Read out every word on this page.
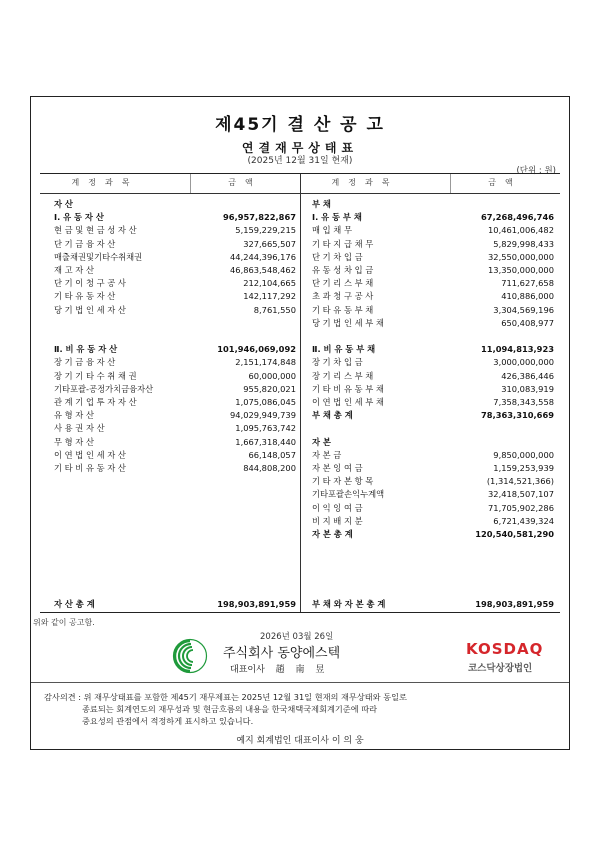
제45기 결 산 공 고
연결재무상태표
(2025년 12월 31일 현재)
(단위 : 원)
계정과목	금액	계정과목	금액
자 산
Ⅰ. 유 동 자 산	96,957,822,867
현 금 및 현 금 성 자 산	5,159,229,215
단 기 금 융 자 산	327,665,507
매출채권및기타수취채권	44,244,396,176
재 고 자 산	46,863,548,462
단 기 이 청 구 공 사	212,104,665
기 타 유 동 자 산	142,117,292
당 기 법 인 세 자 산	8,761,550
Ⅱ. 비 유 동 자 산	101,946,069,092
장 기 금 융 자 산	2,151,174,848
장 기 기 타 수 취 채 권	60,000,000
기타포괄-공정가치금융자산	955,820,021
관 계 기 업 투 자 자 산	1,075,086,045
유 형 자 산	94,029,949,739
사 용 권 자 산	1,095,763,742
무 형 자 산	1,667,318,440
이 연 법 인 세 자 산	66,148,057
기 타 비 유 동 자 산	844,808,200
자 산 총 계	198,903,891,959
부 채
Ⅰ. 유 동 부 채	67,268,496,746
매 입 채 무	10,461,006,482
기 타 지 급 채 무	5,829,998,433
단 기 차 입 금	32,550,000,000
유 동 성 차 입 금	13,350,000,000
단 기 리 스 부 채	711,627,658
초 과 청 구 공 사	410,886,000
기 타 유 동 부 채	3,304,569,196
당 기 법 인 세 부 채	650,408,977
Ⅱ. 비 유 동 부 채	11,094,813,923
장 기 차 입 금	3,000,000,000
장 기 리 스 부 채	426,386,446
기 타 비 유 동 부 채	310,083,919
이 연 법 인 세 부 채	7,358,343,558
부 채 총 계	78,363,310,669
자 본
자 본 금	9,850,000,000
자 본 잉 여 금	1,159,253,939
기 타 자 본 항 목	(1,314,521,366)
기타포괄손익누계액	32,418,507,107
이 익 잉 여 금	71,705,902,286
비 지 배 지 분	6,721,439,324
자 본 총 계	120,540,581,290
부 채 와 자 본 총 계	198,903,891,959
위와 같이 공고함.
2026년 03월 26일
주식회사 동양에스텍
대표이사 趙 南 昱
KOSDAQ
코스닥상장법인
감사의견 : 위 재무상태표를 포함한 제45기 재무제표는 2025년 12월 31일 현재의 재무상태와 동일로
종료되는 회계연도의 재무성과 및 현금흐름의 내용을 한국채택국제회계기준에 따라
중요성의 관점에서 적정하게 표시하고 있습니다.
예지 회계법인 대표이사 이 의 웅
